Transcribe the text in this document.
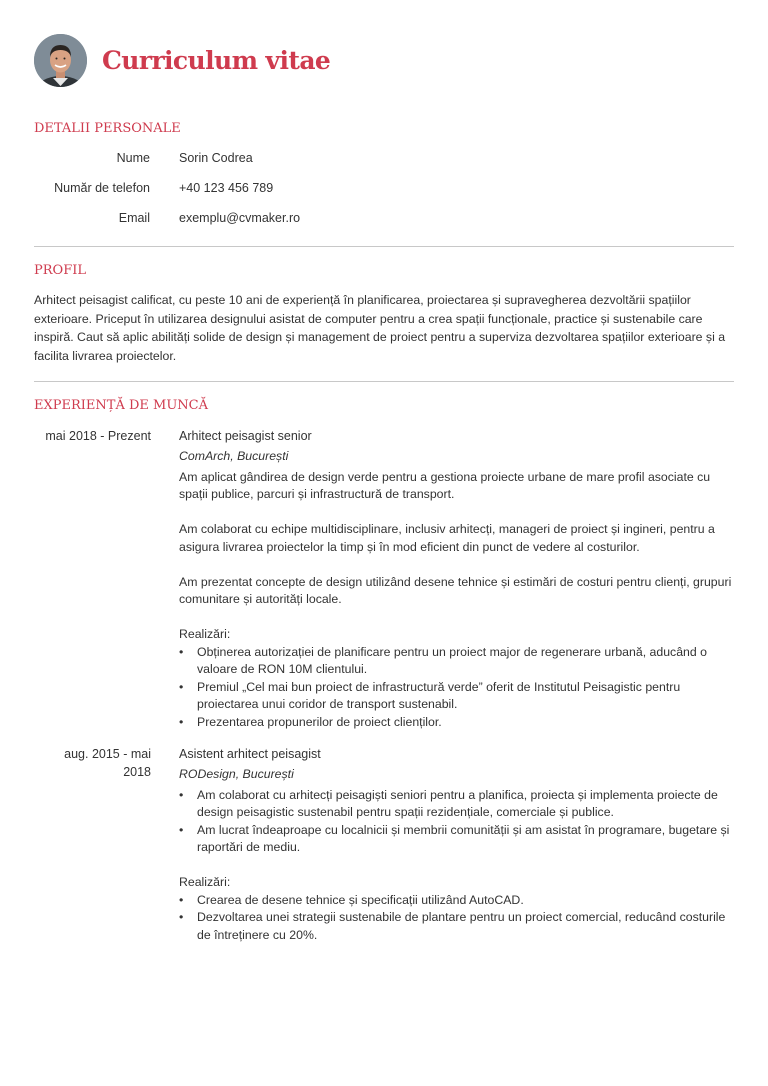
Curriculum vitae
DETALII PERSONALE
Nume Sorin Codrea
Număr de telefon +40 123 456 789
Email exemplu@cvmaker.ro
PROFIL
Arhitect peisagist calificat, cu peste 10 ani de experiență în planificarea, proiectarea și supravegherea dezvoltării spațiilor exterioare. Priceput în utilizarea designului asistat de computer pentru a crea spații funcționale, practice și sustenabile care inspiră. Caut să aplic abilități solide de design și management de proiect pentru a superviza dezvoltarea spațiilor exterioare și a facilita livrarea proiectelor.
EXPERIENȚĂ DE MUNCĂ
mai 2018 - Prezent Arhitect peisagist senior
ComArch, București

Am aplicat gândirea de design verde pentru a gestiona proiecte urbane de mare profil asociate cu spații publice, parcuri și infrastructură de transport.

Am colaborat cu echipe multidisciplinare, inclusiv arhitecți, manageri de proiect și ingineri, pentru a asigura livrarea proiectelor la timp și în mod eficient din punct de vedere al costurilor.

Am prezentat concepte de design utilizând desene tehnice și estimări de costuri pentru clienți, grupuri comunitare și autorități locale.

Realizări:
• Obținerea autorizației de planificare pentru un proiect major de regenerare urbană, aducând o valoare de RON 10M clientului.
• Premiul „Cel mai bun proiect de infrastructură verde” oferit de Institutul Peisagistic pentru proiectarea unui coridor de transport sustenabil.
• Prezentarea propunerilor de proiect clienților.
aug. 2015 - mai 2018
Asistent arhitect peisagist
RODesign, București
• Am colaborat cu arhitecți peisagiști seniori pentru a planifica, proiecta și implementa proiecte de design peisagistic sustenabil pentru spații rezidențiale, comerciale și publice.
• Am lucrat îndeaproape cu localnicii și membrii comunității și am asistat în programare, bugetare și raportări de mediu.
Realizări:
• Crearea de desene tehnice și specificații utilizând AutoCAD.
• Dezvoltarea unei strategii sustenabile de plantare pentru un proiect comercial, reducând costurile de întreținere cu 20%.
